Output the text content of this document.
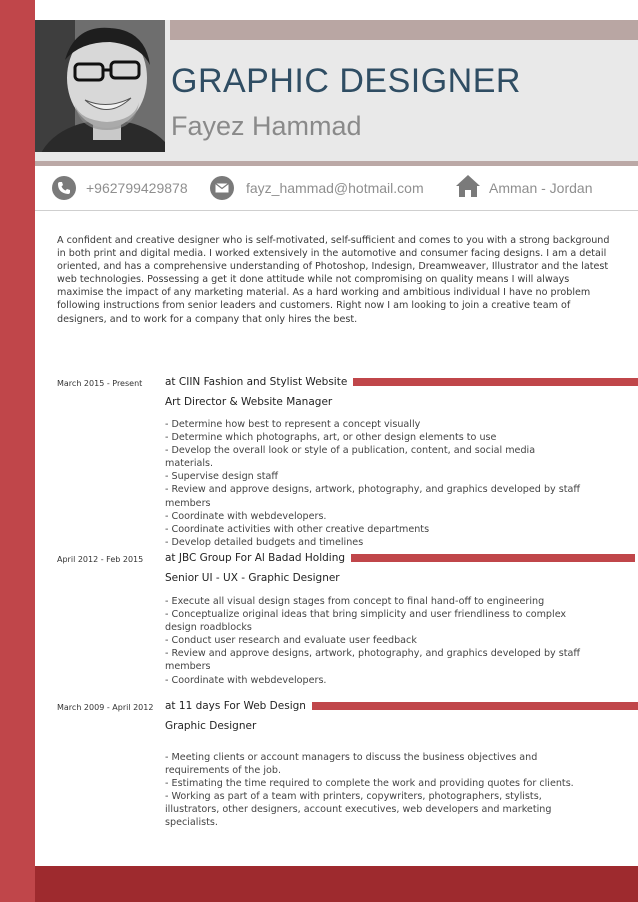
GRAPHIC DESIGNER
Fayez Hammad
+962799429878	fayz_hammad@hotmail.com	Amman - Jordan

A confident and creative designer who is self-motivated, self-sufficient and comes to you with a strong background in both print and digital media. I worked extensively in the automotive and consumer facing designs. I am a detail oriented, and has a comprehensive understanding of Photoshop, Indesign, Dreamweaver, Illustrator and the latest web technologies. Possessing a get it done attitude while not compromising on quality means I will always maximise the impact of any marketing material. As a hard working and ambitious individual I have no problem following instructions from senior leaders and customers. Right now I am looking to join a creative team of designers, and to work for a company that only hires the best.

March 2015 - Present at CIIN Fashion and Stylist Website

Art Director & Website Manager

- Determine how best to represent a concept visually
- Determine which photographs, art, or other design elements to use
- Develop the overall look or style of a publication, content, and social media materials.
- Supervise design staff
- Review and approve designs, artwork, photography, and graphics developed by staff members
- Coordinate with webdevelopers.
- Coordinate activities with other creative departments
- Develop detailed budgets and timelines
April 2012 - Feb 2015 at JBC Group For Al Badad Holding

Senior UI - UX - Graphic Designer

- Execute all visual design stages from concept to final hand-off to engineering
- Conceptualize original ideas that bring simplicity and user friendliness to complex design roadblocks
- Conduct user research and evaluate user feedback
- Review and approve designs, artwork, photography, and graphics developed by staff members
- Coordinate with webdevelopers.
March 2009 - April 2012 at 11 days For Web Design

Graphic Designer

- Meeting clients or account managers to discuss the business objectives and requirements of the job.
- Estimating the time required to complete the work and providing quotes for clients.
- Working as part of a team with printers, copywriters, photographers, stylists, illustrators, other designers, account executives, web developers and marketing specialists.
